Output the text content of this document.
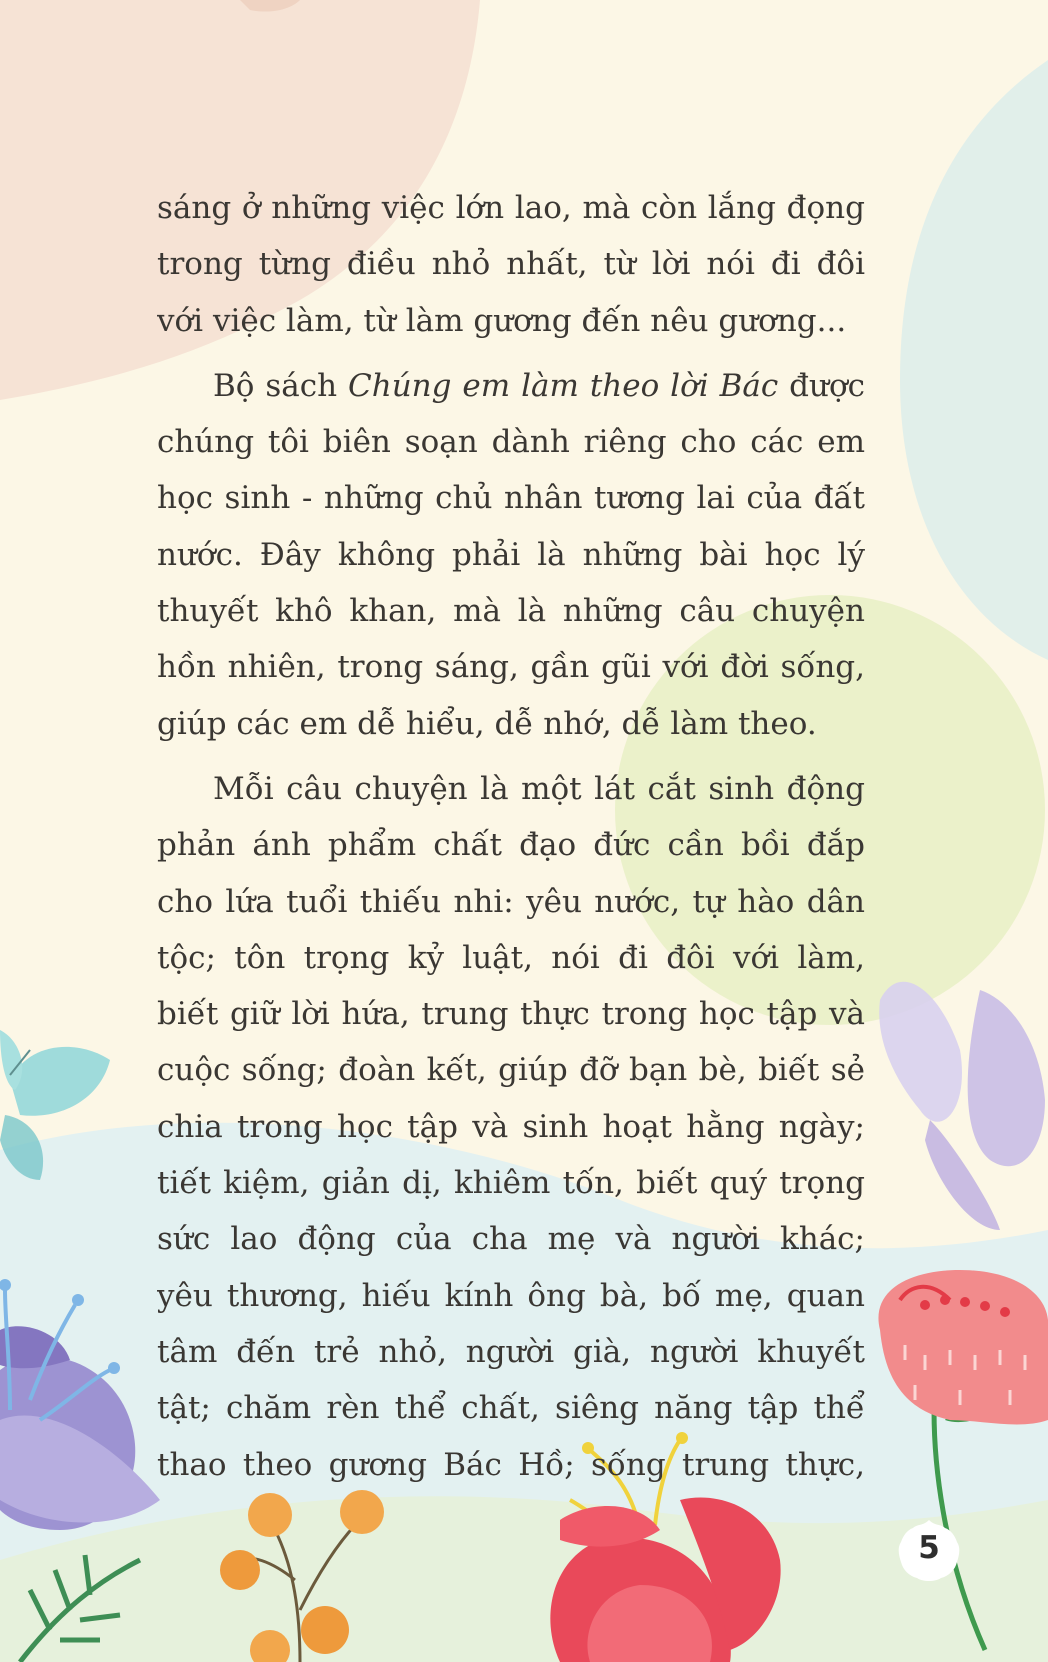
sáng ở những việc lớn lao, mà còn lắng đọng
trong từng điều nhỏ nhất, từ lời nói đi đôi
với việc làm, từ làm gương đến nêu gương...
Bộ sách Chúng em làm theo lời Bác được
chúng tôi biên soạn dành riêng cho các em
học sinh - những chủ nhân tương lai của đất
nước. Đây không phải là những bài học lý
thuyết khô khan, mà là những câu chuyện
hồn nhiên, trong sáng, gần gũi với đời sống,
giúp các em dễ hiểu, dễ nhớ, dễ làm theo.
Mỗi câu chuyện là một lát cắt sinh động
phản ánh phẩm chất đạo đức cần bồi đắp
cho lứa tuổi thiếu nhi: yêu nước, tự hào dân
tộc; tôn trọng kỷ luật, nói đi đôi với làm,
biết giữ lời hứa, trung thực trong học tập và
cuộc sống; đoàn kết, giúp đỡ bạn bè, biết sẻ
chia trong học tập và sinh hoạt hằng ngày;
tiết kiệm, giản dị, khiêm tốn, biết quý trọng
sức lao động của cha mẹ và người khác;
yêu thương, hiếu kính ông bà, bố mẹ, quan
tâm đến trẻ nhỏ, người già, người khuyết
tật; chăm rèn thể chất, siêng năng tập thể
thao theo gương Bác Hồ; sống trung thực,
5
